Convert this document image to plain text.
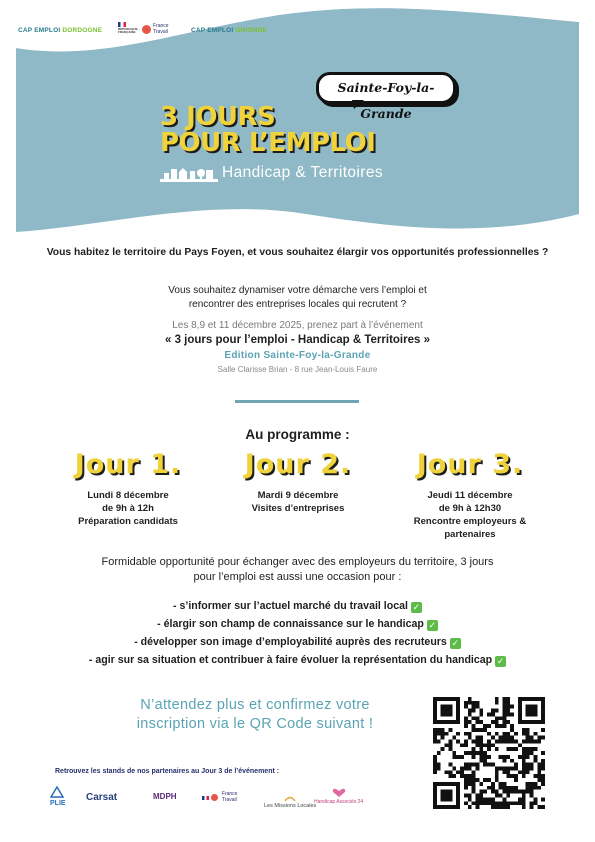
CAP EMPLOI DORDOGNE	RÉPUBLIQUE FRANÇAISE
France
Travail	CAP EMPLOI GIRONDE
Sainte-Foy-la-Grande
3 JOURS
POUR L’EMPLOI
Handicap & Territoires
Vous habitez le territoire du Pays Foyen, et vous souhaitez élargir vos opportunités professionnelles ?
Vous souhaitez dynamiser votre démarche vers l’emploi et
rencontrer des entreprises locales qui recrutent ?
Les 8,9 et 11 décembre 2025, prenez part à l’événement
« 3 jours pour l’emploi - Handicap & Territoires »
Edition Sainte-Foy-la-Grande
Salle Clarisse Brian - 8 rue Jean-Louis Faure
Au programme :
Jour 1.
Lundi 8 décembre
de 9h à 12h
Préparation candidats
Jour 2.
Mardi 9 décembre
Visites d’entreprises
Jour 3.
Jeudi 11 décembre
de 9h à 12h30
Rencontre employeurs &
partenaires
Formidable opportunité pour échanger avec des employeurs du territoire, 3 jours
pour l’emploi est aussi une occasion pour :
- s’informer sur l’actuel marché du travail local ✓
- élargir son champ de connaissance sur le handicap ✓
- développer son image d’employabilité auprès des recruteurs ✓
- agir sur sa situation et contribuer à faire évoluer la représentation du handicap ✓
N’attendez plus et confirmez votre
inscription via le QR Code suivant !
Retrouvez les stands de nos partenaires au Jour 3 de l’événement :
PLIE
Carsat	MDPH	France
Travail
Les Missions Locales
Handicap Associés 24
